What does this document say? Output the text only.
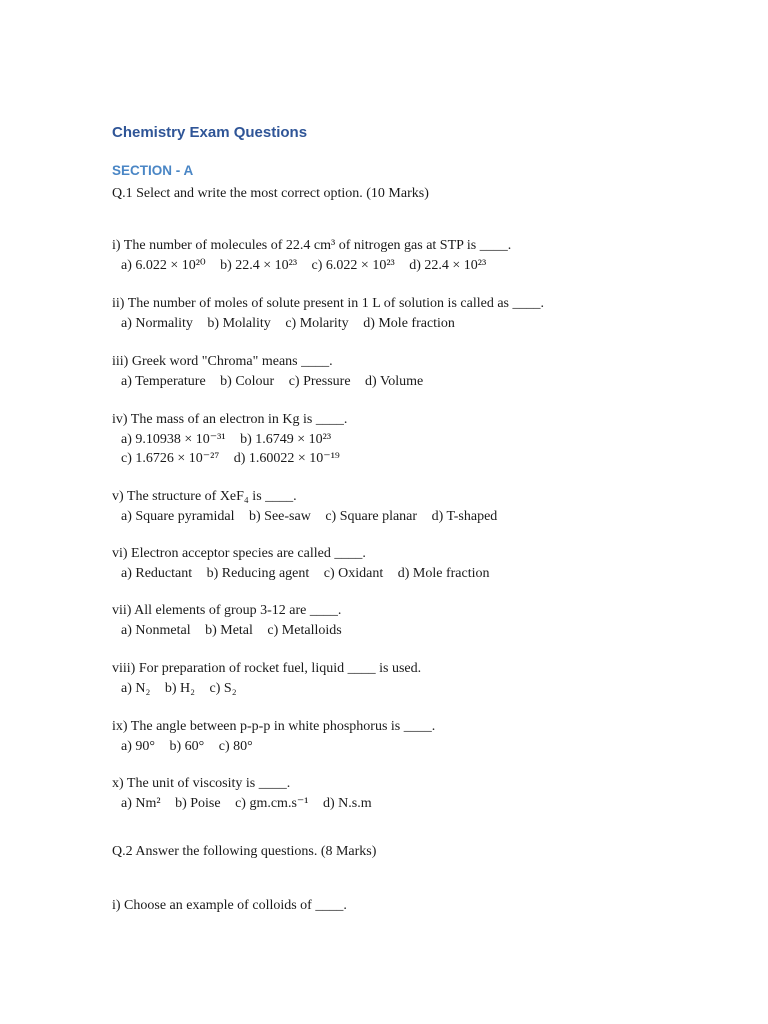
Chemistry Exam Questions
SECTION - A
Q.1 Select and write the most correct option. (10 Marks)
i) The number of molecules of 22.4 cm³ of nitrogen gas at STP is ____.
a) 6.022 × 10²⁰ b) 22.4 × 10²³ c) 6.022 × 10²³ d) 22.4 × 10²³
ii) The number of moles of solute present in 1 L of solution is called as ____.
a) Normality b) Molality c) Molarity d) Mole fraction
iii) Greek word "Chroma" means ____.
a) Temperature b) Colour c) Pressure d) Volume
iv) The mass of an electron in Kg is ____.
a) 9.10938 × 10⁻³¹ b) 1.6749 × 10²³
c) 1.6726 × 10⁻²⁷ d) 1.60022 × 10⁻¹⁹
v) The structure of XeF₄ is ____.
a) Square pyramidal b) See-saw c) Square planar d) T-shaped
vi) Electron acceptor species are called ____.
a) Reductant b) Reducing agent c) Oxidant d) Mole fraction
vii) All elements of group 3-12 are ____.
a) Nonmetal b) Metal c) Metalloids
viii) For preparation of rocket fuel, liquid ____ is used.
a) N₂ b) H₂ c) S₂
ix) The angle between p-p-p in white phosphorus is ____.
a) 90° b) 60° c) 80°
x) The unit of viscosity is ____.
a) Nm² b) Poise c) gm.cm.s⁻¹ d) N.s.m
Q.2 Answer the following questions. (8 Marks)
i) Choose an example of colloids of ____.
